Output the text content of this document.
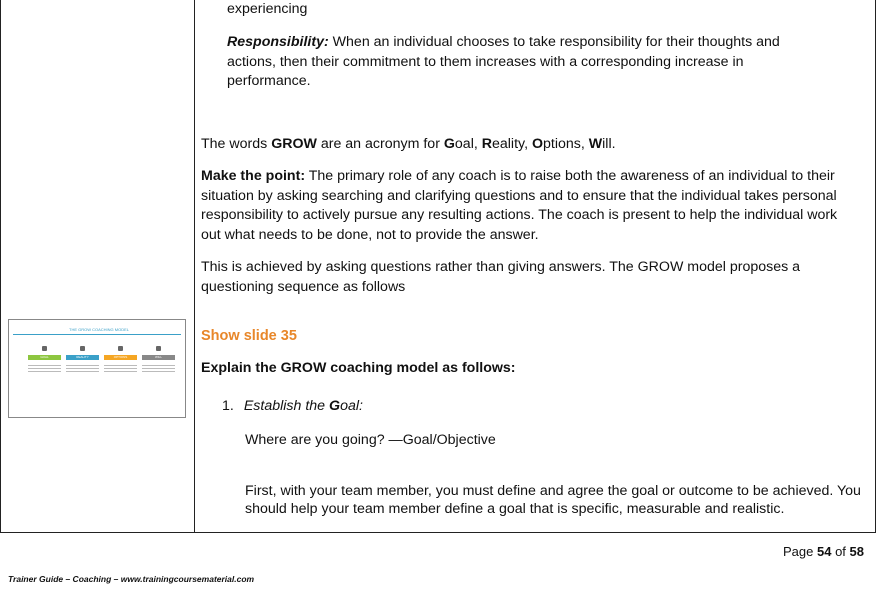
experiencing

Responsibility: When an individual chooses to take responsibility for their thoughts and actions, then their commitment to them increases with a corresponding increase in performance.

The words GROW are an acronym for Goal, Reality, Options, Will.

Make the point: The primary role of any coach is to raise both the awareness of an individual to their situation by asking searching and clarifying questions and to ensure that the individual takes personal responsibility to actively pursue any resulting actions. The coach is present to help the individual work out what needs to be done, not to provide the answer.

This is achieved by asking questions rather than giving answers. The GROW model proposes a questioning sequence as follows

THE GROW COACHING MODEL
GOAL	REALITY	OPTIONS	WILL

Show slide 35

Explain the GROW coaching model as follows:

1. Establish the Goal:

Where are you going? —Goal/Objective

First, with your team member, you must define and agree the goal or outcome to be achieved. You should help your team member define a goal that is specific, measurable and realistic.

Page 54 of 58
Trainer Guide – Coaching – www.trainingcoursematerial.com
